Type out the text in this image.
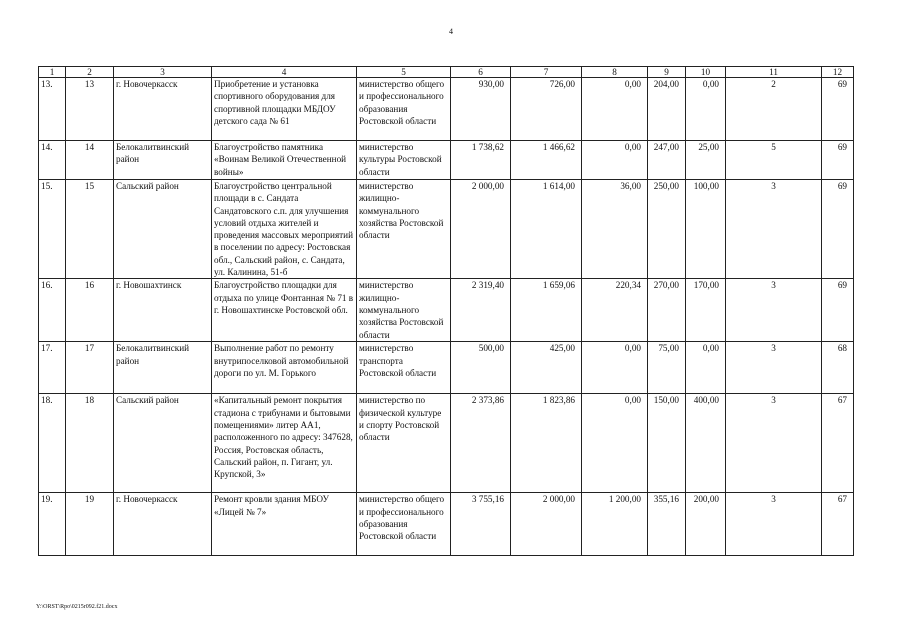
4
1	2	3	4	5	6	7	8	9	10	11	12
13.	13	г. Новочеркасск	Приобретение и установка спортивного оборудования для спортивной площадки МБДОУ детского сада № 61	министерство общего и профессионального образования Ростовской области	930,00	726,00	0,00	204,00	0,00	2	69
14.	14	Белокалитвинский район	Благоустройство памятника «Воинам Великой Отечественной войны»	министерство культуры Ростовской области	1 738,62	1 466,62	0,00	247,00	25,00	5	69
15.	15	Сальский район	Благоустройство центральной площади в с. Сандата Сандатовского с.п. для улучшения условий отдыха жителей и проведения массовых мероприятий в поселении по адресу: Ростовская обл., Сальский район, с. Сандата, ул. Калинина, 51-б	министерство жилищно-коммунального хозяйства Ростовской области	2 000,00	1 614,00	36,00	250,00	100,00	3	69
16.	16	г. Новошахтинск	Благоустройство площадки для отдыха по улице Фонтанная № 71 в г. Новошахтинске Ростовской обл.	министерство жилищно-коммунального хозяйства Ростовской области	2 319,40	1 659,06	220,34	270,00	170,00	3	69
17.	17	Белокалитвинский район	Выполнение работ по ремонту внутрипоселковой автомобильной дороги по ул. М. Горького	министерство транспорта Ростовской области	500,00	425,00	0,00	75,00	0,00	3	68
18.	18	Сальский район	«Капитальный ремонт покрытия стадиона с трибунами и бытовыми помещениями» литер АА1, расположенного по адресу: 347628, Россия, Ростовская область, Сальский район, п. Гигант, ул. Крупской, 3»	министерство по физической культуре и спорту Ростовской области	2 373,86	1 823,86	0,00	150,00	400,00	3	67
19.	19	г. Новочеркасск	Ремонт кровли здания МБОУ «Лицей № 7»	министерство общего и профессионального образования Ростовской области	3 755,16	2 000,00	1 200,00	355,16	200,00	3	67
Y:\ORST\Rpo\0215r092.f21.docx
